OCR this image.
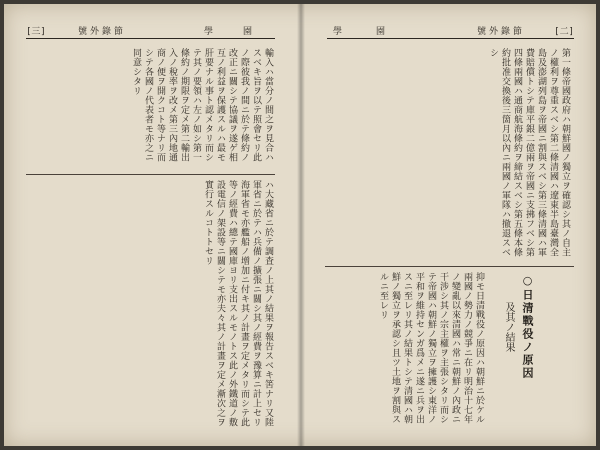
[三]	號外錄節	學園
輸入ハ當分ノ間之ヲ見合ハスベキ旨ヲ以テ照會セリ此ノ際彼我ノ間ニ於テ條約ノ改正ニ關シテ協議ヲ遂ゲ相互ノ利益ヲ保護スルハ最モ肝要ナル事ト認メタリ而シテ其ノ要領ハ左ノ如シ第一條約ノ期限ヲ定メ第二輸出入ノ稅率ヲ改メ第三內地通商ノ便ヲ開クコト等ナリ而シテ各國ノ代表者モ亦之ニ同意シタリ
ハ大藏省ニ於テ調査ノ上其ノ結果ヲ報告スベキ筈ナリ又陸軍省ニ於テハ兵備ノ擴張ニ關シ其ノ經費ヲ豫算ニ計上セリ海軍省モ亦艦船ノ增加ニ付キ其ノ計畫ヲ定メタリ而シテ此等ノ經費ハ總テ國庫ヨリ支出スルモノトス此ノ外鐵道ノ敷設電信ノ架設等ニ關シテモ亦夫々其ノ計畫ヲ定メ漸次之ヲ實行スルコトトセリ
學園	號外錄節	[二]
第一條帝國政府ハ朝鮮國ノ獨立ヲ確認シ其ノ自主ノ權利ヲ尊重スベシ第二條清國ハ遼東半島臺灣全島及澎湖列島ヲ帝國ニ割與スベシ第三條清國ハ軍費賠償トシテ庫平銀二億兩ヲ帝國ニ支拂フベシ第四條兩國ハ通商航海條約ヲ締結スベシ第五條本條約批准交換後三箇月以內ニ兩國ノ軍隊ハ撤退スベシ
抑モ日清戰役ノ原因ハ朝鮮ニ於ケル兩國ノ勢力ノ競爭ニ在リ明治十七年ノ變亂以來清國ハ常ニ朝鮮ノ內政ニ干涉シ其ノ宗主權ヲ主張シタリ而シテ帝國ハ朝鮮ノ獨立ヲ擁護シ東洋ノ平和ヲ維持センガ爲メニ遂ニ兵ヲ出スニ至レリ其ノ結果トシテ清國ハ朝鮮ノ獨立ヲ承認シ且ツ土地ヲ割與スルニ至レリ	○日清戰役ノ原因
及其ノ結果
